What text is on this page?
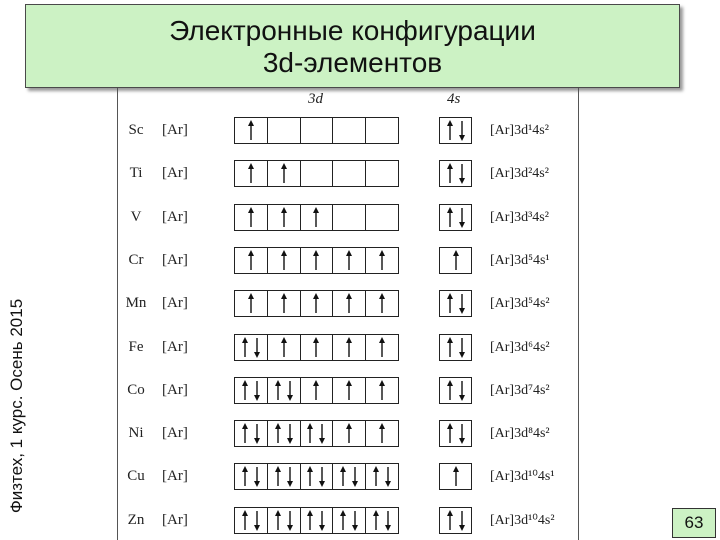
Электронные конфигурации
3d-элементов
Физтех, 1 курс. Осень 2015
3d	4s
Sc	[Ar]	[Ar]3d¹4s²
Ti	[Ar]	[Ar]3d²4s²
V	[Ar]	[Ar]3d³4s²
Cr	[Ar]	[Ar]3d⁵4s¹
Mn [Ar]	[Ar]3d⁵4s²
Fe	[Ar]	[Ar]3d⁶4s²
Co	[Ar]	[Ar]3d⁷4s²
Ni	[Ar]	[Ar]3d⁸4s²
Cu	[Ar]	[Ar]3d¹⁰4s¹
Zn	[Ar]	[Ar]3d¹⁰4s²	63
